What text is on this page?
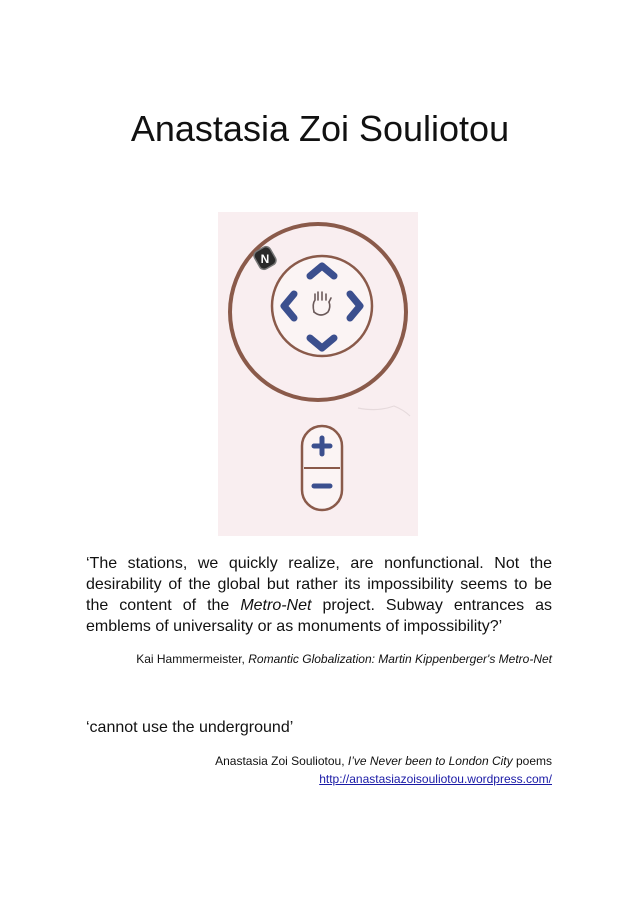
Anastasia Zoi Souliotou
N

‘The stations, we quickly realize, are nonfunctional. Not the desirability of the global but rather its impossibility seems to be the content of the Metro-Net project. Subway entrances as emblems of universality or as monuments of impossibility?’

Kai Hammermeister, Romantic Globalization: Martin Kippenberger's Metro-Net

‘cannot use the underground’

Anastasia Zoi Souliotou, I’ve Never been to London City poems
http://anastasiazoisouliotou.wordpress.com/
